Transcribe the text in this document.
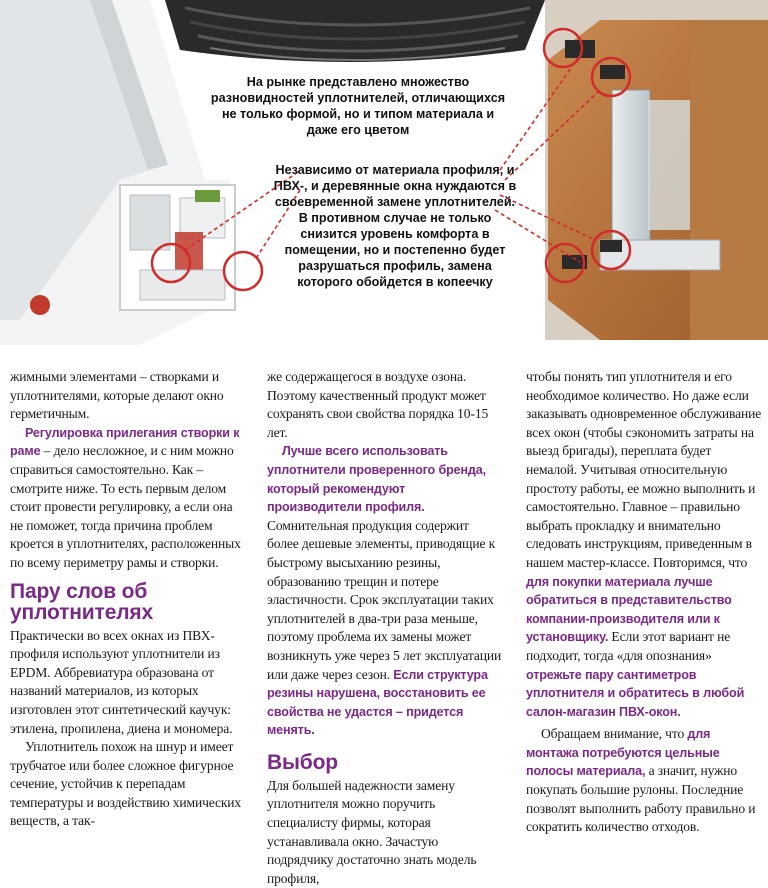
На рынке представлено множество разновидностей уплотнителей, отличающихся не только формой, но и типом материала и даже его цветом
Независимо от материала профиля, и ПВХ-, и деревянные окна нуждаются в своевременной замене уплотнителей. В противном случае не только снизится уровень комфорта в помещении, но и постепенно будет разрушаться профиль, замена которого обойдется в копеечку

жимными элементами – створками и уплотнителями, которые делают окно герметичным.

Регулировка прилегания створки к раме – дело несложное, и с ним можно справиться самостоятельно. Как – смотрите ниже. То есть первым делом стоит провести регулировку, а если она не поможет, тогда причина проблем кроется в уплотнителях, расположенных по всему периметру рамы и створки.

Пару слов об уплотнителях

Практически во всех окнах из ПВХ-профиля используют уплотнители из EPDM. Аббревиатура образована от названий материалов, из которых изготовлен этот синтетический каучук: этилена, пропилена, диена и мономера.

Уплотнитель похож на шнур и имеет трубчатое или более сложное фигурное сечение, устойчив к перепадам температуры и воздействию химических веществ, а так-

же содержащегося в воздухе озона. Поэтому качественный продукт может сохранять свои свойства порядка 10-15 лет.

Лучше всего использовать уплотнители проверенного бренда, который рекомендуют производители профиля. Сомнительная продукция содержит более дешевые элементы, приводящие к быстрому высыханию резины, образованию трещин и потере эластичности. Срок эксплуатации таких уплотнителей в два-три раза меньше, поэтому проблема их замены может возникнуть уже через 5 лет эксплуатации или даже через сезон. Если структура резины нарушена, восстановить ее свойства не удастся – придется менять.

Выбор

Для большей надежности замену уплотнителя можно поручить специалисту фирмы, которая устанавливала окно. Зачастую подрядчику достаточно знать модель профиля,

чтобы понять тип уплотнителя и его необходимое количество. Но даже если заказывать одновременное обслуживание всех окон (чтобы сэкономить затраты на выезд бригады), переплата будет немалой. Учитывая относительную простоту работы, ее можно выполнить и самостоятельно. Главное – правильно выбрать прокладку и внимательно следовать инструкциям, приведенным в нашем мастер-классе. Повторимся, что для покупки материала лучше обратиться в представительство компании-производителя или к установщику. Если этот вариант не подходит, тогда «для опознания» отрежьте пару сантиметров уплотнителя и обратитесь в любой салон-магазин ПВХ-окон.

Обращаем внимание, что для монтажа потребуются цельные полосы материала, а значит, нужно покупать большие рулоны. Последние позволят выполнить работу правильно и сократить количество отходов.
